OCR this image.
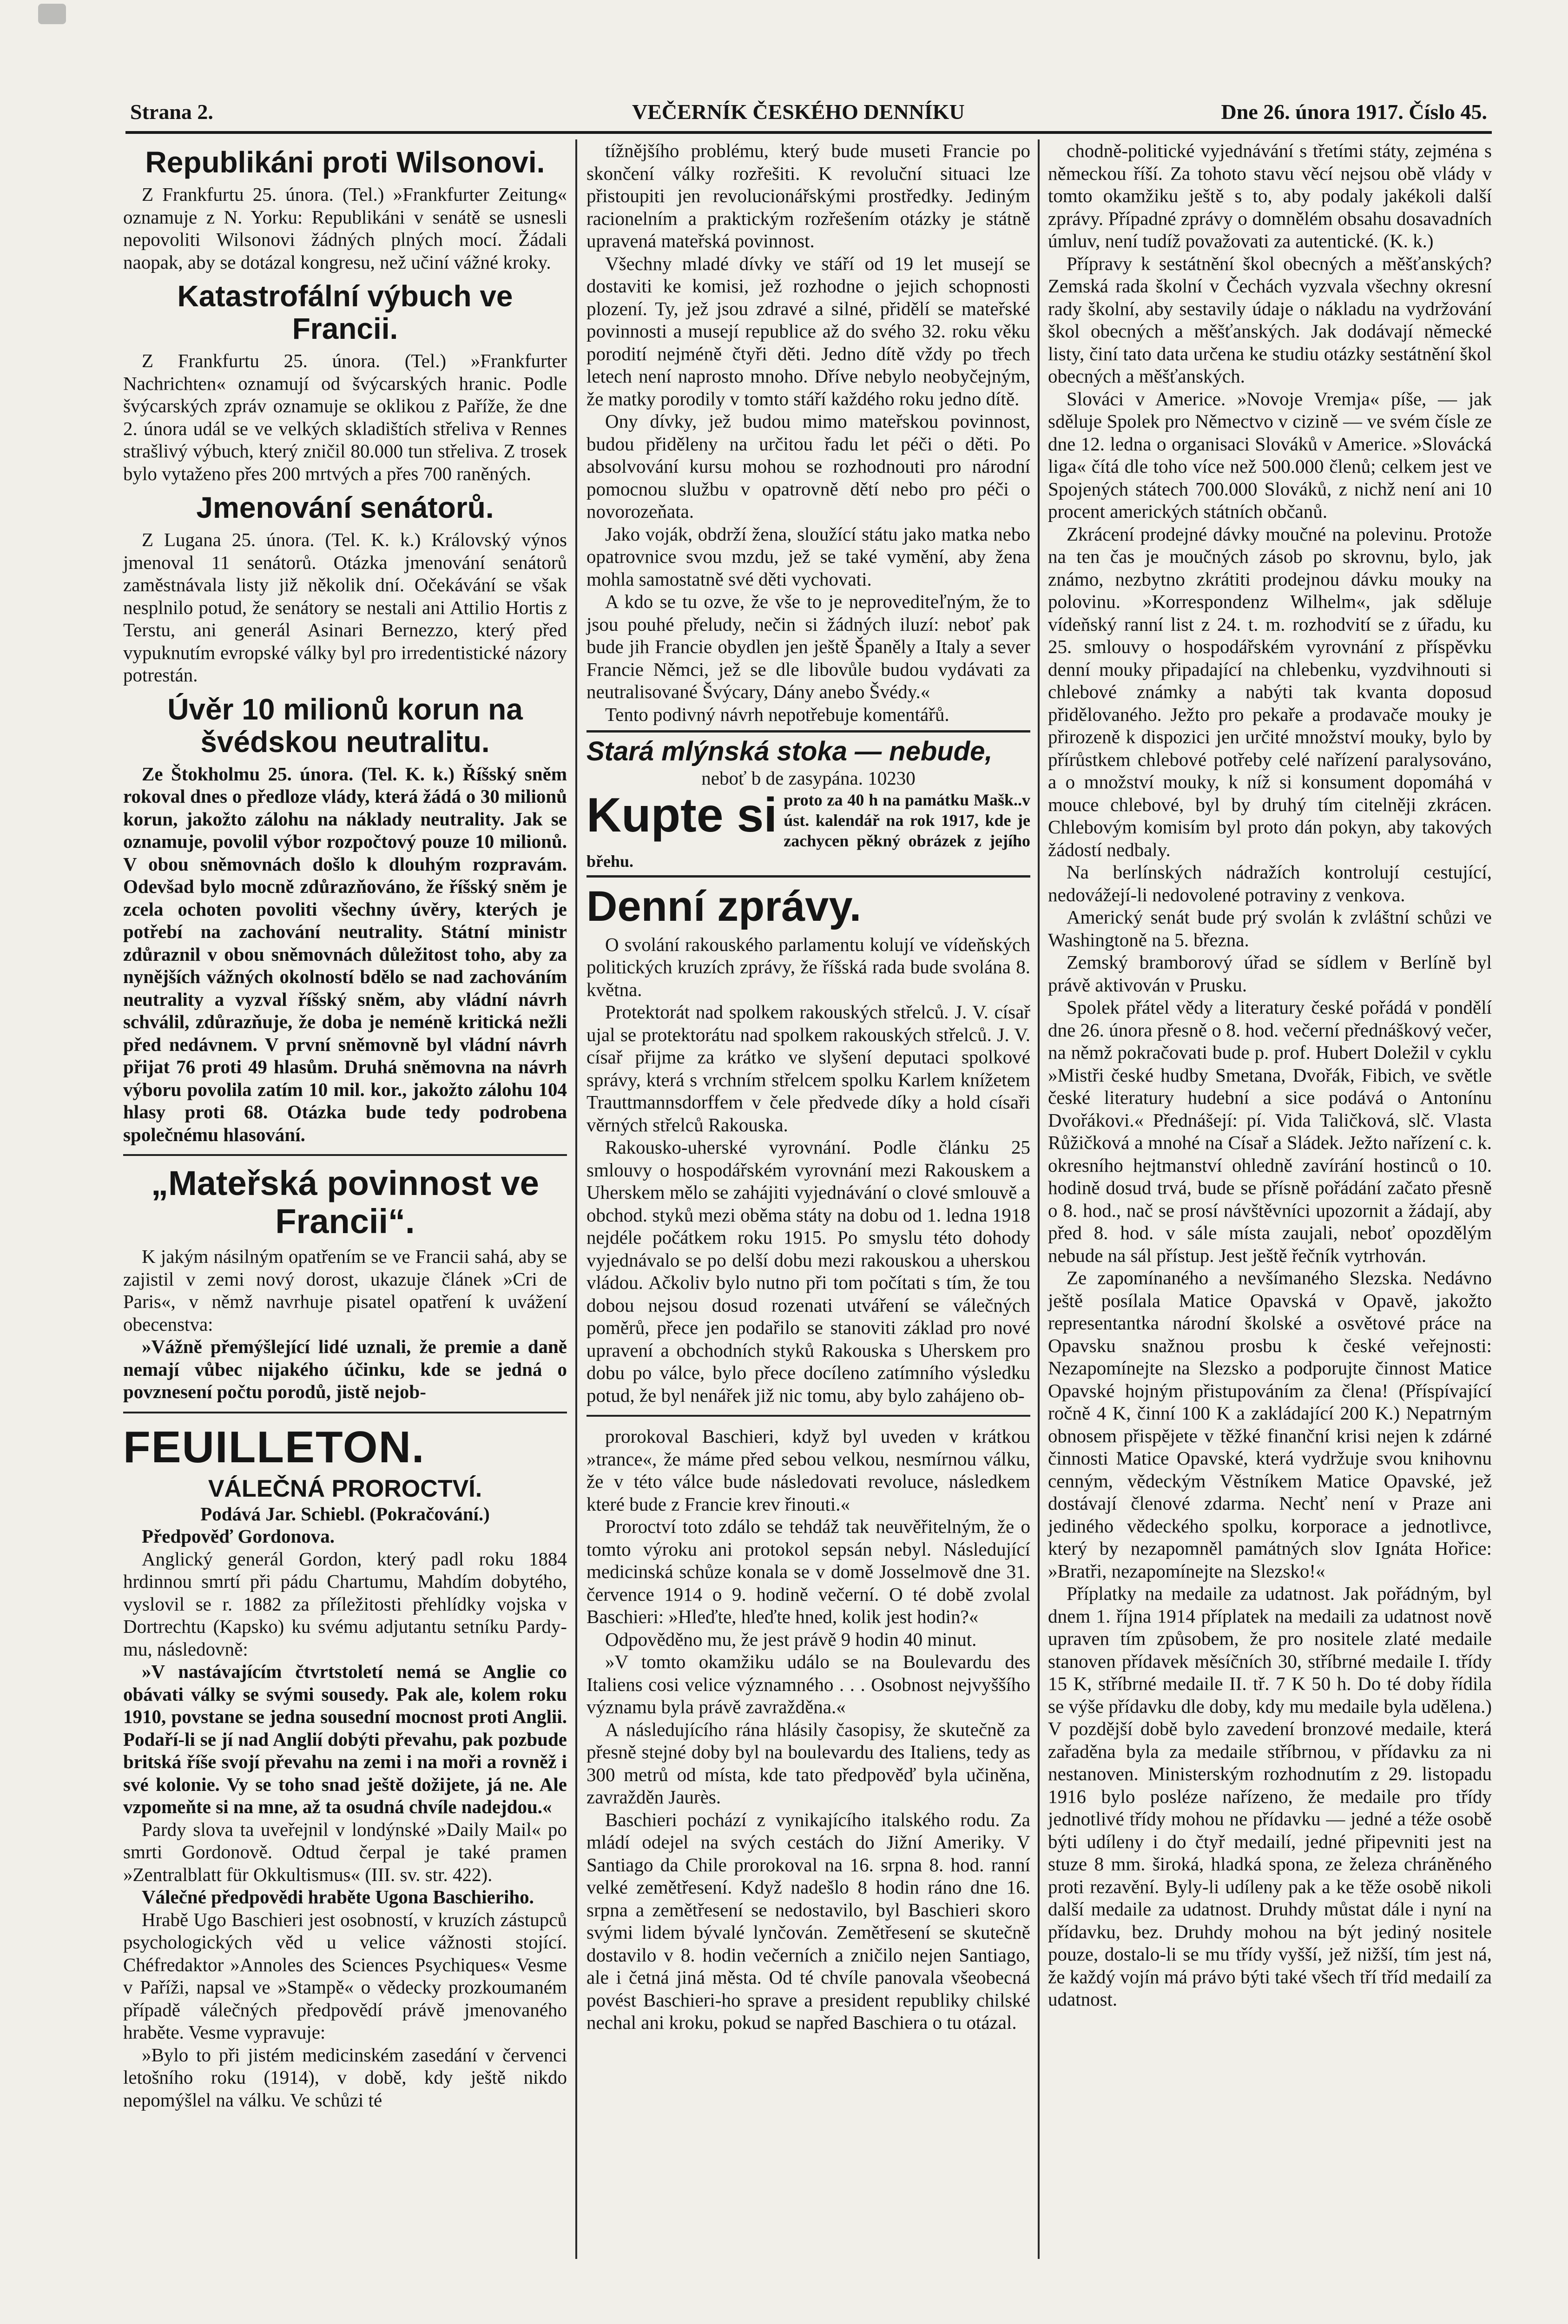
Strana 2.	VEČERNÍK ČESKÉHO DENNÍKU	Dne 26. února 1917. Číslo 45.

Republikáni proti Wilsonovi.

Z Frankfurtu 25. února. (Tel.) »Frankfurter Zeitung« oznamuje z N. Yorku: Republikáni v senátě se usnesli nepovoliti Wilsonovi žádných plných mocí. Žádali naopak, aby se dotázal kongresu, než učiní vážné kroky.

Katastrofální výbuch ve Francii.

Z Frankfurtu 25. února. (Tel.) »Frankfurter Nachrichten« oznamují od švýcarských hranic. Podle švýcarských zpráv oznamuje se oklikou z Paříže, že dne 2. února udál se ve velkých skladištích střeliva v Rennes strašlivý výbuch, který zničil 80.000 tun střeliva. Z trosek bylo vytaženo přes 200 mrtvých a přes 700 raněných.

Jmenování senátorů.

Z Lugana 25. února. (Tel. K. k.) Královský výnos jmenoval 11 senátorů. Otázka jmenování senátorů zaměstnávala listy již několik dní. Očekávání se však nesplnilo potud, že senátory se nestali ani Attilio Hortis z Terstu, ani generál Asinari Bernezzo, který před vypuknutím evropské války byl pro irredentistické názory potrestán.

Úvěr 10 milionů korun na švédskou neutralitu.

Ze Štokholmu 25. února. (Tel. K. k.) Říšský sněm rokoval dnes o předloze vlády, která žádá o 30 milionů korun, jakožto zálohu na náklady neutrality. Jak se oznamuje, povolil výbor rozpočtový pouze 10 milionů. V obou sněmovnách došlo k dlouhým rozpravám. Odevšad bylo mocně zdůrazňováno, že říšský sněm je zcela ochoten povoliti všechny úvěry, kterých je potřebí na zachování neutrality. Státní ministr zdůraznil v obou sněmovnách důležitost toho, aby za nynějších vážných okolností bdělo se nad zachováním neutrality a vyzval říšský sněm, aby vládní návrh schválil, zdůrazňuje, že doba je neméně kritická nežli před nedávnem. V první sněmovně byl vládní návrh přijat 76 proti 49 hlasům. Druhá sněmovna na návrh výboru povolila zatím 10 mil. kor., jakožto zálohu 104 hlasy proti 68. Otázka bude tedy podrobena společnému hlasování.

„Mateřská povinnost ve Francii“.

K jakým násilným opatřením se ve Francii sahá, aby se zajistil v zemi nový dorost, ukazuje článek »Cri de Paris«, v němž navrhuje pisatel opatření k uvážení obecenstva:

»Vážně přemýšlející lidé uznali, že premie a daně nemají vůbec nijakého účinku, kde se jedná o povznesení počtu porodů, jistě nejob-

FEUILLETON.

VÁLEČNÁ PROROCTVÍ.

Podává Jar. Schiebl. (Pokračování.)

Předpověď Gordonova.

Anglický generál Gordon, který padl roku 1884 hrdinnou smrtí při pádu Chartumu, Mahdím dobytého, vyslovil se r. 1882 za příležitosti přehlídky vojska v Dortrechtu (Kapsko) ku svému adjutantu setníku Pardy-mu, následovně:

»V nastávajícím čtvrtstoletí nemá se Anglie co obávati války se svými sousedy. Pak ale, kolem roku 1910, povstane se jedna sousední mocnost proti Anglii. Podaří-li se jí nad Anglií dobýti převahu, pak pozbude britská říše svojí převahu na zemi i na moři a rovněž i své kolonie. Vy se toho snad ještě dožijete, já ne. Ale vzpomeňte si na mne, až ta osudná chvíle nadejdou.«

Pardy slova ta uveřejnil v londýnské »Daily Mail« po smrti Gordonově. Odtud čerpal je také pramen »Zentralblatt für Okkultismus« (III. sv. str. 422).

Válečné předpovědi hraběte Ugona Baschieriho.

Hrabě Ugo Baschieri jest osobností, v kruzích zástupců psychologických věd u velice vážnosti stojící. Chéfredaktor »Annoles des Sciences Psychiques« Vesme v Paříži, napsal ve »Stampě« o vědecky prozkoumaném případě válečných předpovědí právě jmenovaného hraběte. Vesme vypravuje:

»Bylo to při jistém medicinském zasedání v červenci letošního roku (1914), v době, kdy ještě nikdo nepomýšlel na válku. Ve schůzi té

tížnějšího problému, který bude museti Francie po skončení války rozřešiti. K revoluční situaci lze přistoupiti jen revolucionářskými prostředky. Jediným racionelním a praktickým rozřešením otázky je státně upravená mateřská povinnost.

Všechny mladé dívky ve stáří od 19 let musejí se dostaviti ke komisi, jež rozhodne o jejich schopnosti plození. Ty, jež jsou zdravé a silné, přidělí se mateřské povinnosti a musejí republice až do svého 32. roku věku porodití nejméně čtyři děti. Jedno dítě vždy po třech letech není naprosto mnoho. Dříve nebylo neobyčejným, že matky porodily v tomto stáří každého roku jedno dítě.

Ony dívky, jež budou mimo mateřskou povinnost, budou přiděleny na určitou řadu let péči o děti. Po absolvování kursu mohou se rozhodnouti pro národní pomocnou službu v opatrovně dětí nebo pro péči o novorozeňata.

Jako voják, obdrží žena, sloužící státu jako matka nebo opatrovnice svou mzdu, jež se také vymění, aby žena mohla samostatně své děti vychovati.

A kdo se tu ozve, že vše to je neprovediteľným, že to jsou pouhé přeludy, nečin si žádných iluzí: neboť pak bude jih Francie obydlen jen ještě Španěly a Italy a sever Francie Němci, jež se dle libovůle budou vydávati za neutralisované Švýcary, Dány anebo Švédy.«

Tento podivný návrh nepotřebuje komentářů.

Stará mlýnská stoka — nebude,
neboť b de zasypána. 10230
Kupte si proto za 40 h na památku Mašk..v úst. kalendář na rok 1917, kde je zachycen pěkný obrázek z jejího břehu.

Denní zprávy.

O svolání rakouského parlamentu kolují ve vídeňských politických kruzích zprávy, že říšská rada bude svolána 8. května.

Protektorát nad spolkem rakouských střelců. J. V. císař ujal se protektorátu nad spolkem rakouských střelců. J. V. císař přijme za krátko ve slyšení deputaci spolkové správy, která s vrchním střelcem spolku Karlem knížetem Trauttmannsdorffem v čele předvede díky a hold císaři věrných střelců Rakouska.

Rakousko-uherské vyrovnání. Podle článku 25 smlouvy o hospodářském vyrovnání mezi Rakouskem a Uherskem mělo se zahájiti vyjednávání o clové smlouvě a obchod. styků mezi oběma státy na dobu od 1. ledna 1918 nejdéle počátkem roku 1915. Po smyslu této dohody vyjednávalo se po delší dobu mezi rakouskou a uherskou vládou. Ačkoliv bylo nutno při tom počítati s tím, že tou dobou nejsou dosud rozenati utváření se válečných poměrů, přece jen podařilo se stanoviti základ pro nové upravení a obchodních styků Rakouska s Uherskem pro dobu po válce, bylo přece docíleno zatímního výsledku potud, že byl nenářek již nic tomu, aby bylo zahájeno ob-

prorokoval Baschieri, když byl uveden v krátkou »trance«, že máme před sebou velkou, nesmírnou válku, že v této válce bude následovati revoluce, následkem které bude z Francie krev řinouti.«

Proroctví toto zdálo se tehdáž tak neuvěřitelným, že o tomto výroku ani protokol sepsán nebyl. Následující medicinská schůze konala se v domě Josselmově dne 31. července 1914 o 9. hodině večerní. O té době zvolal Baschieri: »Hleďte, hleďte hned, kolik jest hodin?«

Odpověděno mu, že jest právě 9 hodin 40 minut.

»V tomto okamžiku událo se na Boulevardu des Italiens cosi velice významného . . . Osobnost nejvyššího významu byla právě zavražděna.«

A následujícího rána hlásily časopisy, že skutečně za přesně stejné doby byl na boulevardu des Italiens, tedy as 300 metrů od místa, kde tato předpověď byla učiněna, zavražděn Jaurès.

Baschieri pochází z vynikajícího italského rodu. Za mládí odejel na svých cestách do Jižní Ameriky. V Santiago da Chile prorokoval na 16. srpna 8. hod. ranní velké zemětřesení. Když nadešlo 8 hodin ráno dne 16. srpna a zemětřesení se nedostavilo, byl Baschieri skoro svými lidem bývalé lynčován. Zemětřesení se skutečně dostavilo v 8. hodin večerních a zničilo nejen Santiago, ale i četná jiná města. Od té chvíle panovala všeobecná povést Baschieri-ho sprave a president republiky chilské nechal ani kroku, pokud se napřed Baschiera o tu otázal.

chodně-politické vyjednávání s třetími státy, zejména s německou říší. Za tohoto stavu věcí nejsou obě vlády v tomto okamžiku ještě s to, aby podaly jakékoli další zprávy. Případné zprávy o domnělém obsahu dosavadních úmluv, není tudíž považovati za autentické. (K. k.)

Přípravy k sestátnění škol obecných a měšťanských? Zemská rada školní v Čechách vyzvala všechny okresní rady školní, aby sestavily údaje o nákladu na vydržování škol obecných a měšťanských. Jak dodávají německé listy, činí tato data určena ke studiu otázky sestátnění škol obecných a měšťanských.

Slováci v Americe. »Novoje Vremja« píše, — jak sděluje Spolek pro Němectvo v cizině — ve svém čísle ze dne 12. ledna o organisaci Slováků v Americe. »Slovácká liga« čítá dle toho více než 500.000 členů; celkem jest ve Spojených státech 700.000 Slováků, z nichž není ani 10 procent amerických státních občanů.

Zkrácení prodejné dávky moučné na polevinu. Protože na ten čas je moučných zásob po skrovnu, bylo, jak známo, nezbytno zkrátiti prodejnou dávku mouky na polovinu. »Korrespondenz Wilhelm«, jak sděluje vídeňský ranní list z 24. t. m. rozhodvití se z úřadu, ku 25. smlouvy o hospodářském vyrovnání z příspěvku denní mouky připadající na chlebenku, vyzdvihnouti si chlebové známky a nabýti tak kvanta doposud přidělovaného. Ježto pro pekaře a prodavače mouky je přirozeně k dispozici jen určité množství mouky, bylo by přírůstkem chlebové potřeby celé nařízení paralysováno, a o množství mouky, k níž si konsument dopomáhá v mouce chlebové, byl by druhý tím citelněji zkrácen. Chlebovým komisím byl proto dán pokyn, aby takových žádostí nedbaly.

Na berlínských nádražích kontrolují cestující, nedovážejí-li nedovolené potraviny z venkova.

Americký senát bude prý svolán k zvláštní schůzi ve Washingtoně na 5. března.

Zemský bramborový úřad se sídlem v Berlíně byl právě aktivován v Prusku.

Spolek přátel vědy a literatury české pořádá v pondělí dne 26. února přesně o 8. hod. večerní přednáškový večer, na němž pokračovati bude p. prof. Hubert Doležil v cyklu »Mistři české hudby Smetana, Dvořák, Fibich, ve světle české literatury hudební a sice podává o Antonínu Dvořákovi.« Přednášejí: pí. Vida Taličková, slč. Vlasta Růžičková a mnohé na Císař a Sládek. Ježto nařízení c. k. okresního hejtmanství ohledně zavírání hostinců o 10. hodině dosud trvá, bude se přísně pořádání začato přesně o 8. hod., nač se prosí návštěvníci upozornit a žádají, aby před 8. hod. v sále místa zaujali, neboť opozdělým nebude na sál přístup. Jest ještě řečník vytrhován.

Ze zapomínaného a nevšímaného Slezska. Nedávno ještě posílala Matice Opavská v Opavě, jakožto representantka národní školské a osvětové práce na Opavsku snažnou prosbu k české veřejnosti: Nezapomínejte na Slezsko a podporujte činnost Matice Opavské hojným přistupováním za člena! (Příspívající ročně 4 K, činní 100 K a zakládající 200 K.) Nepatrným obnosem přispějete v těžké finanční krisi nejen k zdárné činnosti Matice Opavské, která vydržuje svou knihovnu cenným, vědeckým Věstníkem Matice Opavské, jež dostávají členové zdarma. Nechť není v Praze ani jediného vědeckého spolku, korporace a jednotlivce, který by nezapomněl památných slov Ignáta Hořice: »Bratři, nezapomínejte na Slezsko!«

Příplatky na medaile za udatnost. Jak pořádným, byl dnem 1. října 1914 příplatek na medaili za udatnost nově upraven tím způsobem, že pro nositele zlaté medaile stanoven přídavek měsíčních 30, stříbrné medaile I. třídy 15 K, stříbrné medaile II. tř. 7 K 50 h. Do té doby řídila se výše přídavku dle doby, kdy mu medaile byla udělena.) V pozdější době bylo zavedení bronzové medaile, která zařaděna byla za medaile stříbrnou, v přídavku za ni nestanoven. Ministerským rozhodnutím z 29. listopadu 1916 bylo posléze nařízeno, že medaile pro třídy jednotlivé třídy mohou ne přídavku — jedné a téže osobě býti udíleny i do čtyř medailí, jedné připevniti jest na stuze 8 mm. široká, hladká spona, ze železa chráněného proti rezavění. Byly-li udíleny pak a ke těže osobě nikoli další medaile za udatnost. Druhdy můstat dále i nyní na přídavku, bez. Druhdy mohou na být jediný nositele pouze, dostalo-li se mu třídy vyšší, jež nižší, tím jest ná, že každý vojín má právo býti také všech tří tříd medailí za udatnost.
